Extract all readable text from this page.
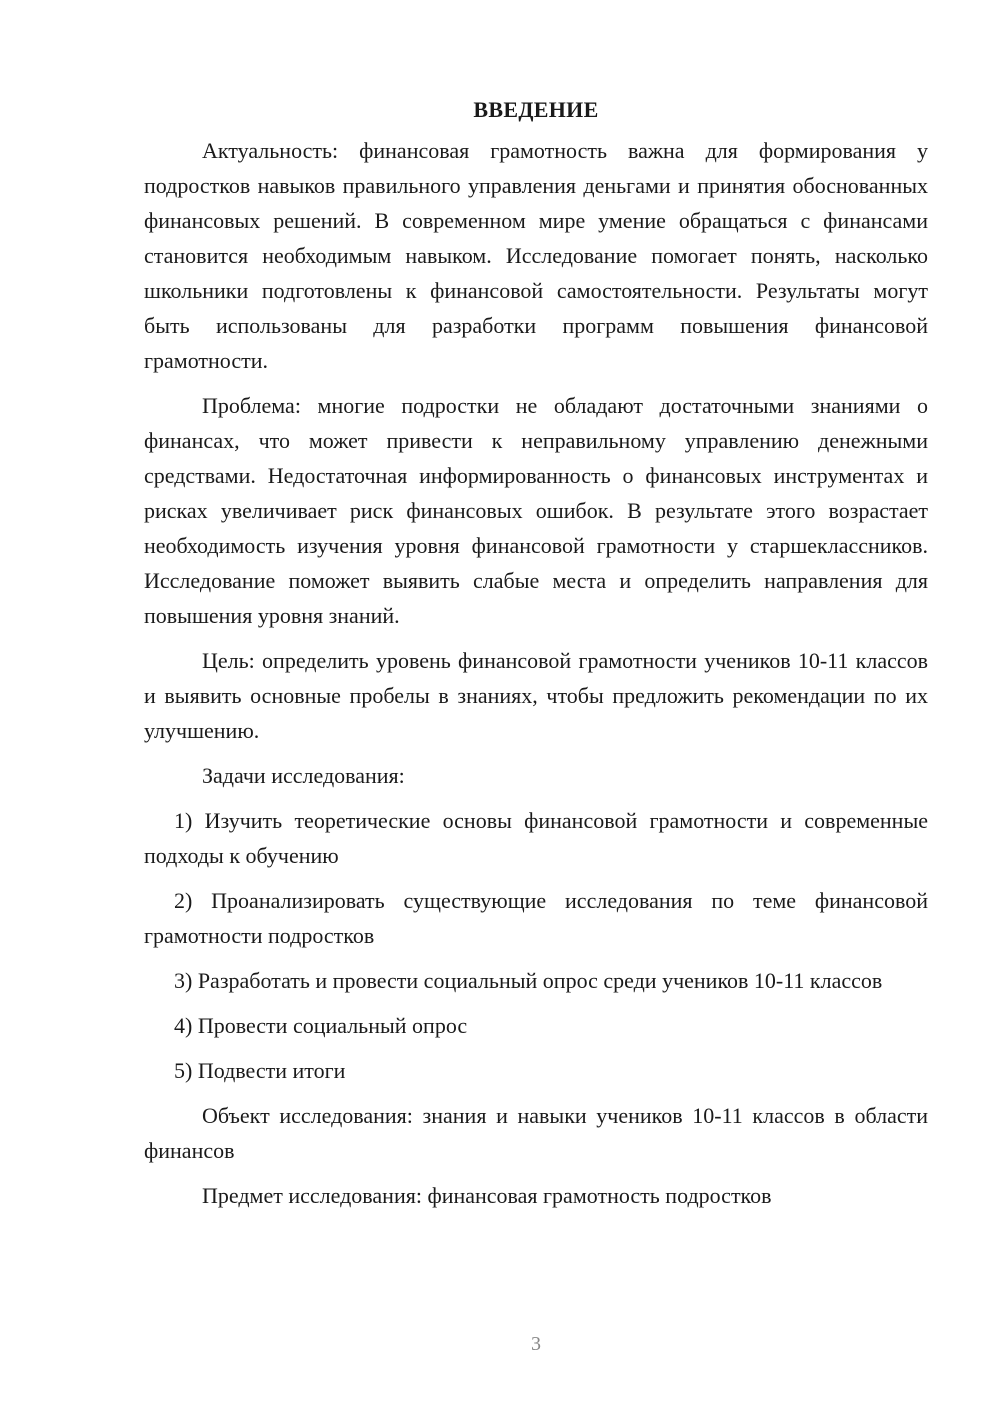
ВВЕДЕНИЕ

Актуальность: финансовая грамотность важна для формирования у подростков навыков правильного управления деньгами и принятия обоснованных финансовых решений. В современном мире умение обращаться с финансами становится необходимым навыком. Исследование помогает понять, насколько школьники подготовлены к финансовой самостоятельности. Результаты могут быть использованы для разработки программ повышения финансовой грамотности.

Проблема: многие подростки не обладают достаточными знаниями о финансах, что может привести к неправильному управлению денежными средствами. Недостаточная информированность о финансовых инструментах и рисках увеличивает риск финансовых ошибок. В результате этого возрастает необходимость изучения уровня финансовой грамотности у старшеклассников. Исследование поможет выявить слабые места и определить направления для повышения уровня знаний.

Цель: определить уровень финансовой грамотности учеников 10-11 классов и выявить основные пробелы в знаниях, чтобы предложить рекомендации по их улучшению.

Задачи исследования:

1) Изучить теоретические основы финансовой грамотности и современные подходы к обучению

2) Проанализировать существующие исследования по теме финансовой грамотности подростков

3) Разработать и провести социальный опрос среди учеников 10-11 классов

4) Провести социальный опрос

5) Подвести итоги

Объект исследования: знания и навыки учеников 10-11 классов в области финансов

Предмет исследования: финансовая грамотность подростков

3
